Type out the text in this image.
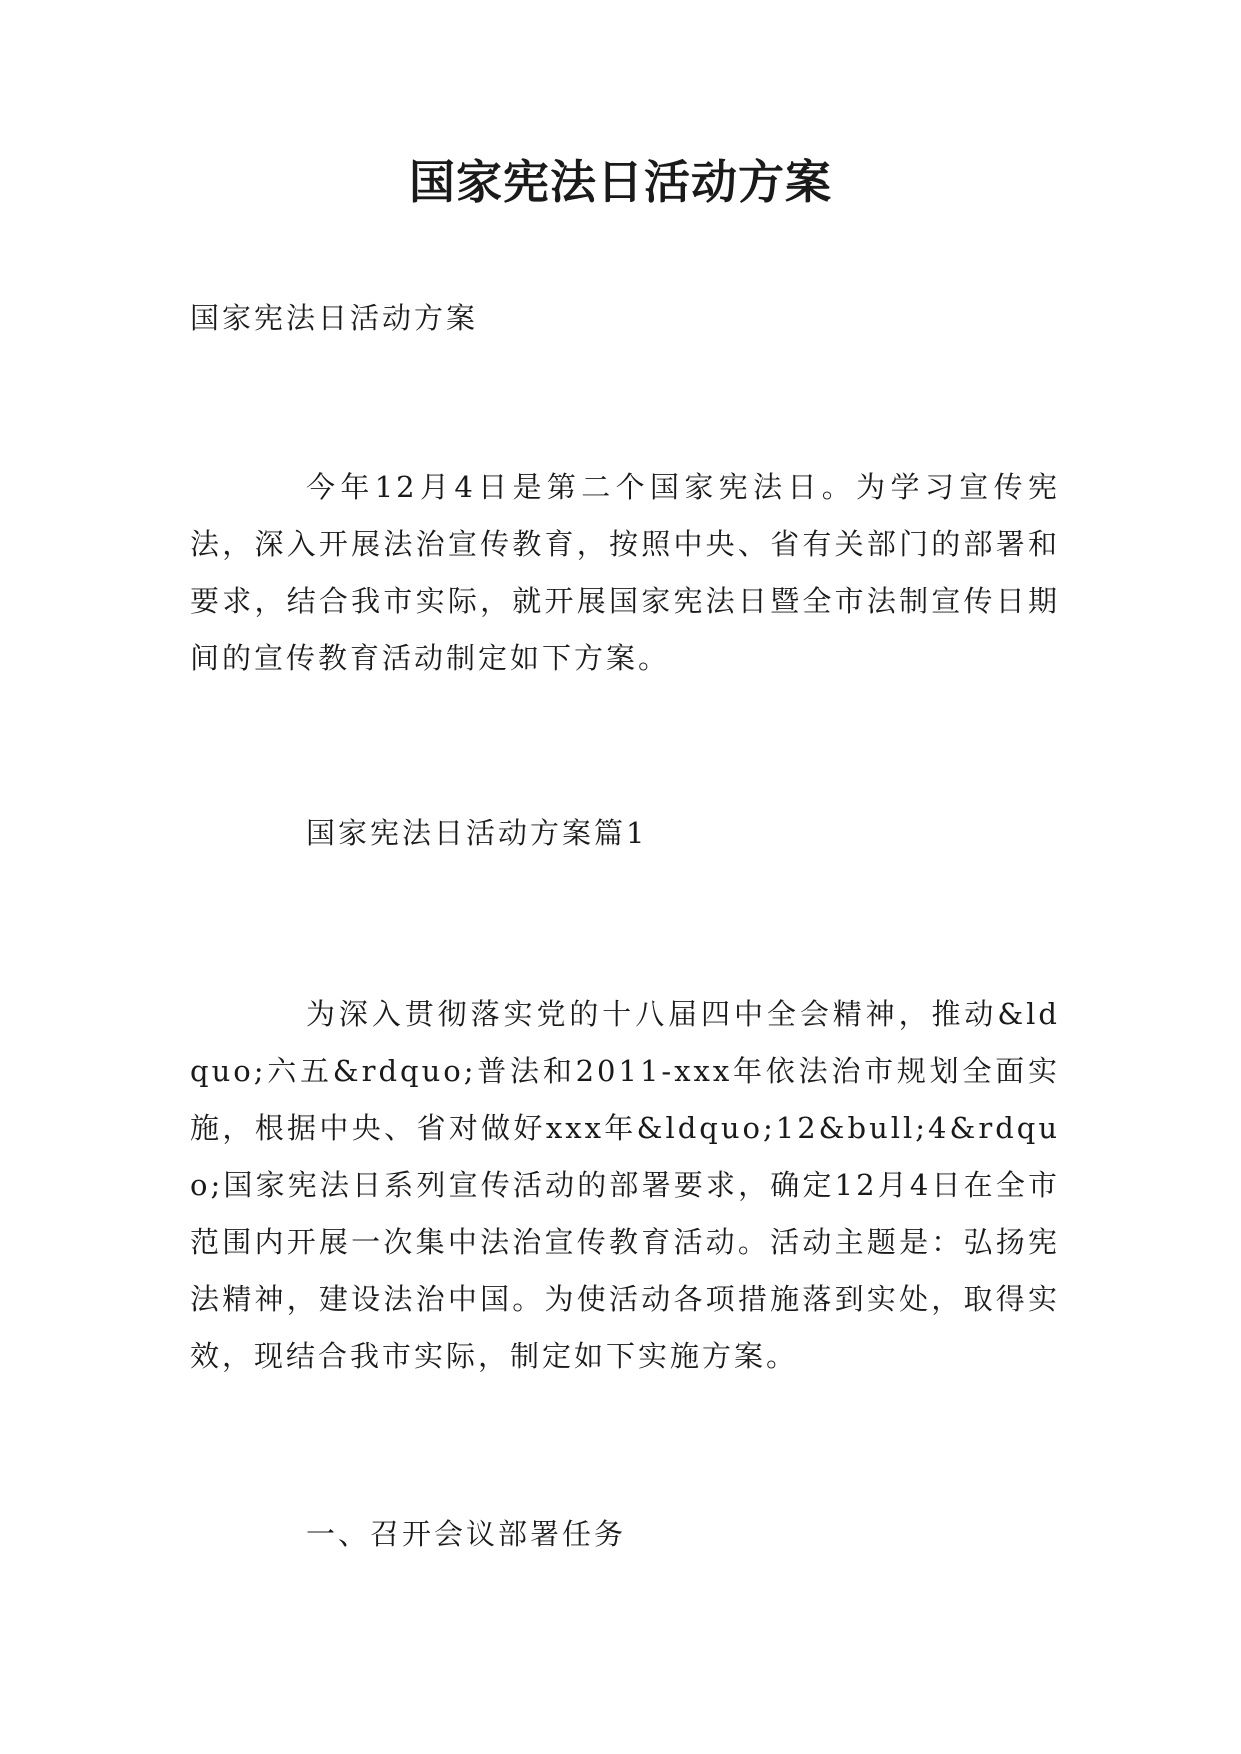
国家宪法日活动方案
国家宪法日活动方案
今年12月4日是第二个国家宪法日。为学习宣传宪法，深入开展法治宣传教育，按照中央、省有关部门的部署和要求，结合我市实际，就开展国家宪法日暨全市法制宣传日期间的宣传教育活动制定如下方案。
国家宪法日活动方案篇1
为深入贯彻落实党的十八届四中全会精神，推动&ldquo;六五&rdquo;普法和2011-xxx年依法治市规划全面实施，根据中央、省对做好xxx年&ldquo;12&bull;4&rdquo;国家宪法日系列宣传活动的部署要求，确定12月4日在全市范围内开展一次集中法治宣传教育活动。活动主题是：弘扬宪法精神，建设法治中国。为使活动各项措施落到实处，取得实效，现结合我市实际，制定如下实施方案。
一、召开会议部署任务
